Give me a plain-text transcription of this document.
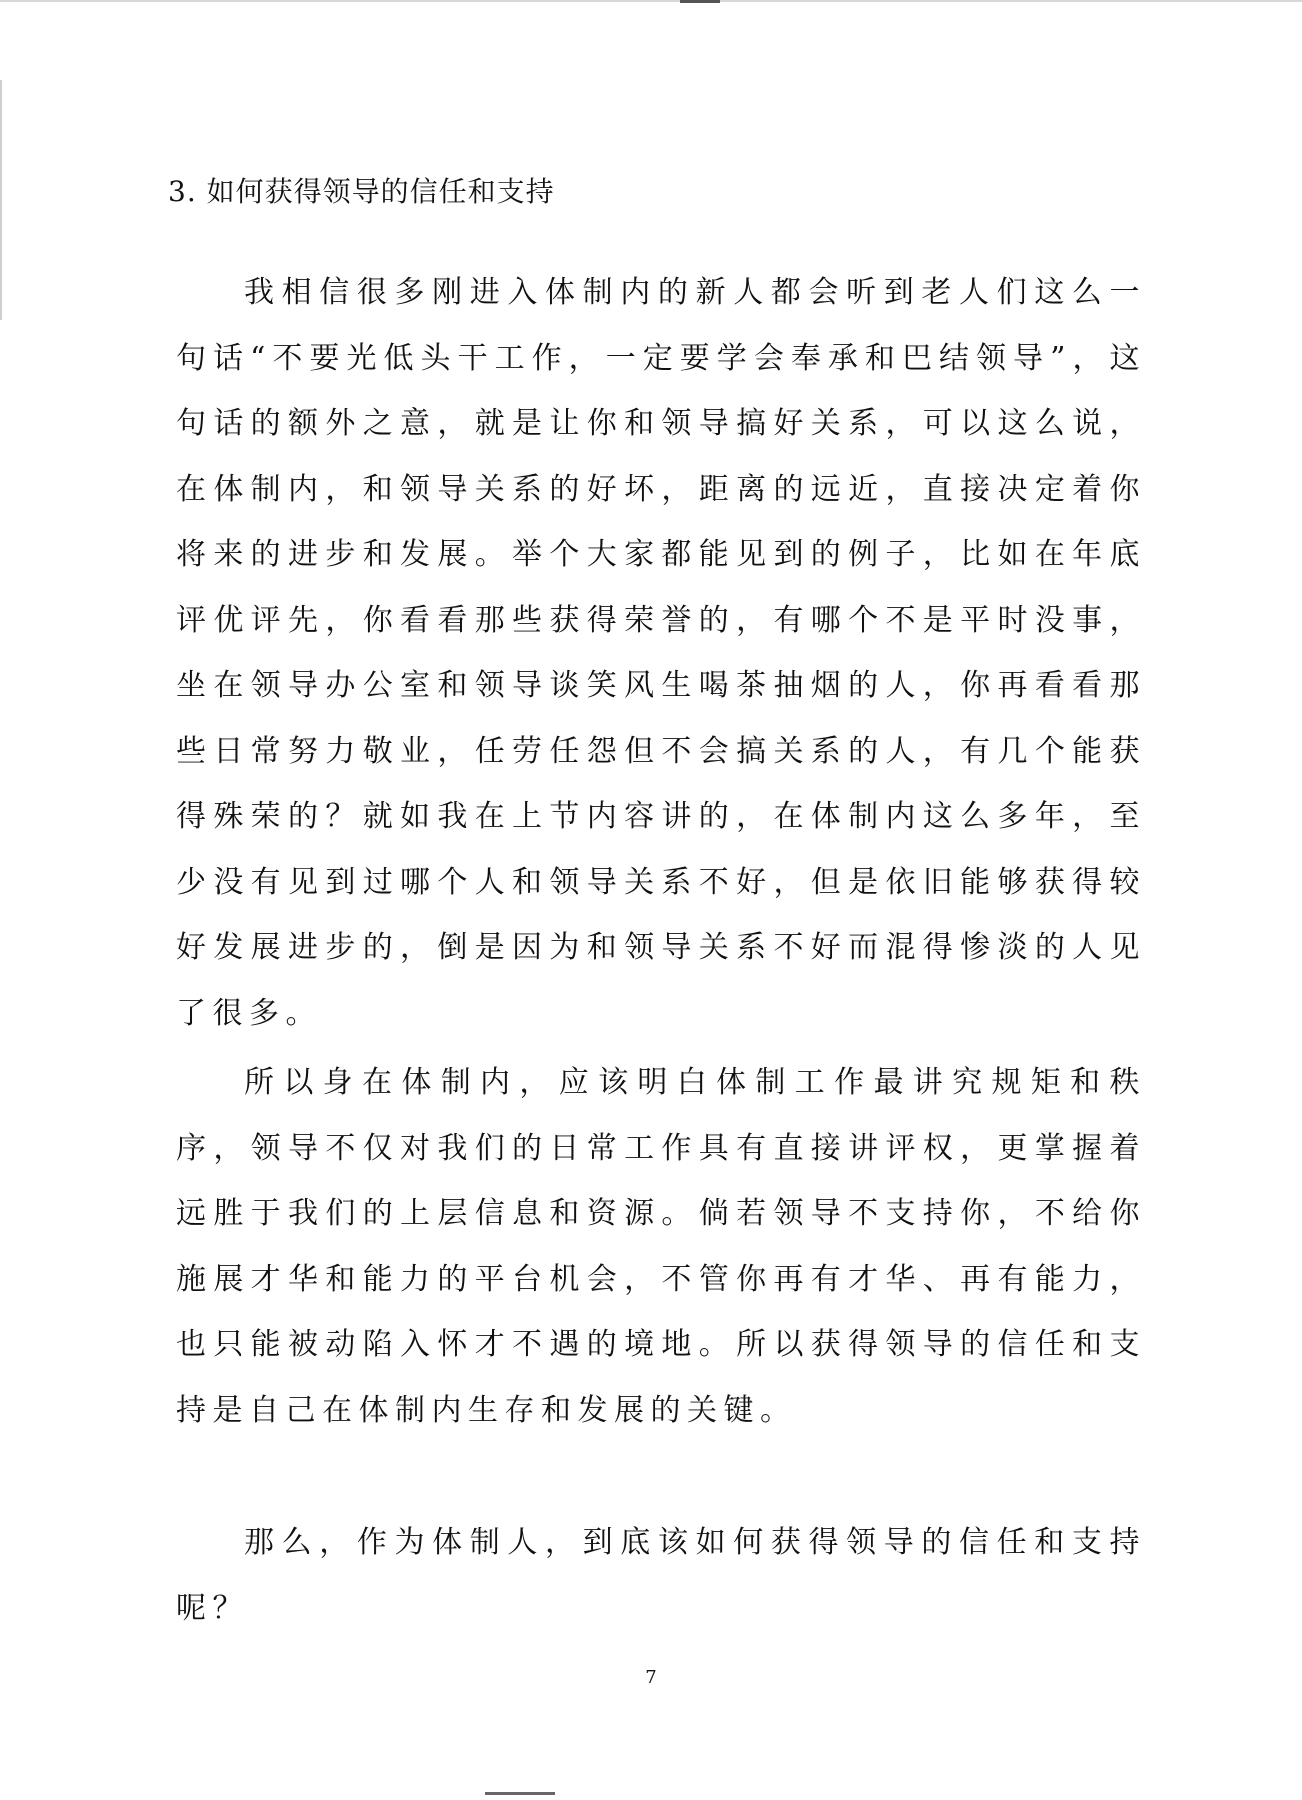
3. 如何获得领导的信任和支持

我相信很多刚进入体制内的新人都会听到老人们这么一句话“不要光低头干工作，一定要学会奉承和巴结领导”，这句话的额外之意，就是让你和领导搞好关系，可以这么说，在体制内，和领导关系的好坏，距离的远近，直接决定着你将来的进步和发展。举个大家都能见到的例子，比如在年底评优评先，你看看那些获得荣誉的，有哪个不是平时没事，坐在领导办公室和领导谈笑风生喝茶抽烟的人，你再看看那些日常努力敬业，任劳任怨但不会搞关系的人，有几个能获得殊荣的？就如我在上节内容讲的，在体制内这么多年，至少没有见到过哪个人和领导关系不好，但是依旧能够获得较好发展进步的，倒是因为和领导关系不好而混得惨淡的人见了很多。

所以身在体制内，应该明白体制工作最讲究规矩和秩序，领导不仅对我们的日常工作具有直接讲评权，更掌握着远胜于我们的上层信息和资源。倘若领导不支持你，不给你施展才华和能力的平台机会，不管你再有才华、再有能力，也只能被动陷入怀才不遇的境地。所以获得领导的信任和支持是自己在体制内生存和发展的关键。

那么，作为体制人，到底该如何获得领导的信任和支持呢？

7
